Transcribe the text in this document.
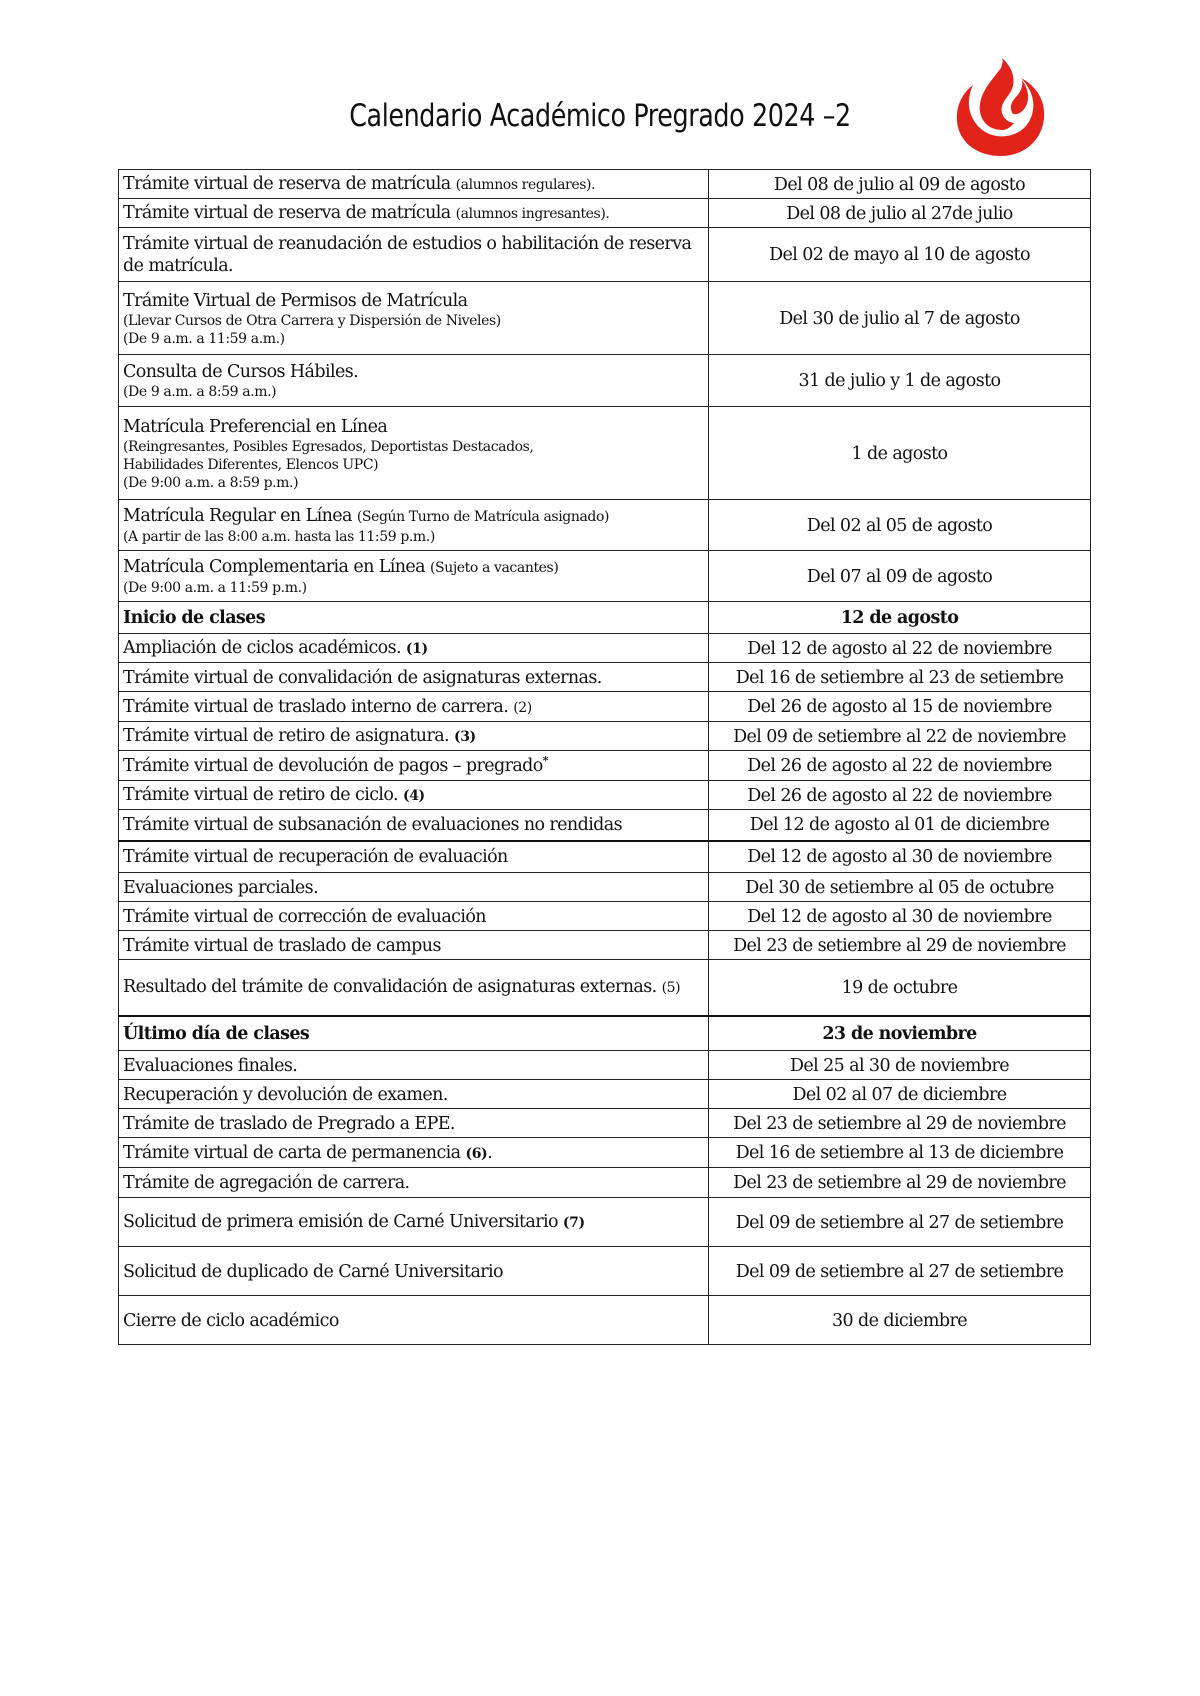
Calendario Académico Pregrado 2024 –2
Trámite virtual de reserva de matrícula (alumnos regulares).	Del 08 de julio al 09 de agosto
Trámite virtual de reserva de matrícula (alumnos ingresantes).	Del 08 de julio al 27de julio
Trámite virtual de reanudación de estudios o habilitación de reserva de matrícula.	Del 02 de mayo al 10 de agosto
Trámite Virtual de Permisos de Matrícula
(Llevar Cursos de Otra Carrera y Dispersión de Niveles)
(De 9 a.m. a 11:59 a.m.)	Del 30 de julio al 7 de agosto
Consulta de Cursos Hábiles.
(De 9 a.m. a 8:59 a.m.)	31 de julio y 1 de agosto
Matrícula Preferencial en Línea
(Reingresantes, Posibles Egresados, Deportistas Destacados,
Habilidades Diferentes, Elencos UPC)
(De 9:00 a.m. a 8:59 p.m.)	1 de agosto
Matrícula Regular en Línea (Según Turno de Matrícula asignado)
(A partir de las 8:00 a.m. hasta las 11:59 p.m.)	Del 02 al 05 de agosto
Matrícula Complementaria en Línea (Sujeto a vacantes)
(De 9:00 a.m. a 11:59 p.m.)	Del 07 al 09 de agosto
Inicio de clases	12 de agosto
Ampliación de ciclos académicos. (1)	Del 12 de agosto al 22 de noviembre
Trámite virtual de convalidación de asignaturas externas.	Del 16 de setiembre al 23 de setiembre
Trámite virtual de traslado interno de carrera. (2)	Del 26 de agosto al 15 de noviembre
Trámite virtual de retiro de asignatura. (3)	Del 09 de setiembre al 22 de noviembre
Trámite virtual de devolución de pagos – pregrado*	Del 26 de agosto al 22 de noviembre
Trámite virtual de retiro de ciclo. (4)	Del 26 de agosto al 22 de noviembre
Trámite virtual de subsanación de evaluaciones no rendidas	Del 12 de agosto al 01 de diciembre
Trámite virtual de recuperación de evaluación	Del 12 de agosto al 30 de noviembre
Evaluaciones parciales.	Del 30 de setiembre al 05 de octubre
Trámite virtual de corrección de evaluación	Del 12 de agosto al 30 de noviembre
Trámite virtual de traslado de campus	Del 23 de setiembre al 29 de noviembre
Resultado del trámite de convalidación de asignaturas externas. (5)	19 de octubre
Último día de clases	23 de noviembre
Evaluaciones finales.	Del 25 al 30 de noviembre
Recuperación y devolución de examen.	Del 02 al 07 de diciembre
Trámite de traslado de Pregrado a EPE.	Del 23 de setiembre al 29 de noviembre
Trámite virtual de carta de permanencia (6).	Del 16 de setiembre al 13 de diciembre
Trámite de agregación de carrera.	Del 23 de setiembre al 29 de noviembre
Solicitud de primera emisión de Carné Universitario (7)	Del 09 de setiembre al 27 de setiembre
Solicitud de duplicado de Carné Universitario	Del 09 de setiembre al 27 de setiembre
Cierre de ciclo académico	30 de diciembre
